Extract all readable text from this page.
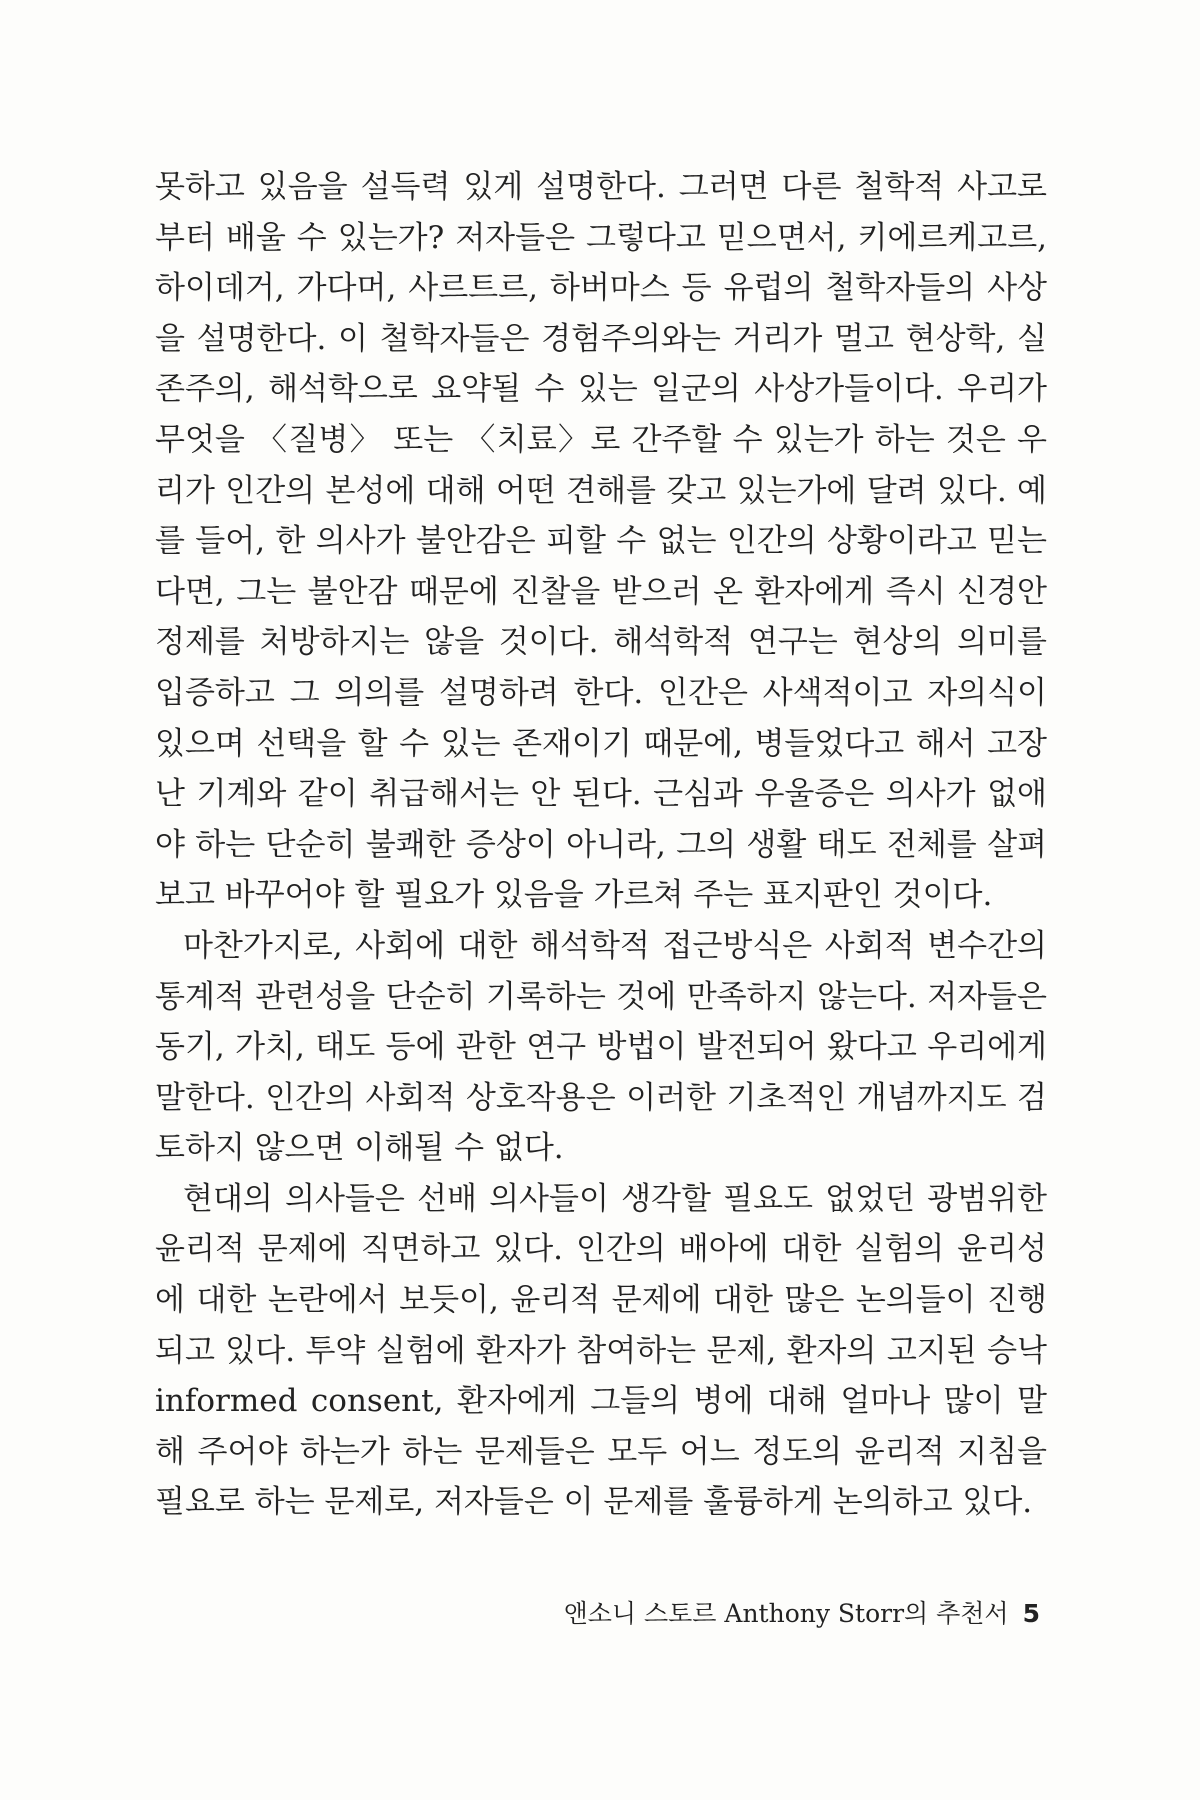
못하고 있음을 설득력 있게 설명한다. 그러면 다른 철학적 사고로부터 배울 수 있는가? 저자들은 그렇다고 믿으면서, 키에르케고르, 하이데거, 가다머, 사르트르, 하버마스 등 유럽의 철학자들의 사상을 설명한다. 이 철학자들은 경험주의와는 거리가 멀고 현상학, 실존주의, 해석학으로 요약될 수 있는 일군의 사상가들이다. 우리가 무엇을 〈질병〉 또는 〈치료〉로 간주할 수 있는가 하는 것은 우리가 인간의 본성에 대해 어떤 견해를 갖고 있는가에 달려 있다. 예를 들어, 한 의사가 불안감은 피할 수 없는 인간의 상황이라고 믿는다면, 그는 불안감 때문에 진찰을 받으러 온 환자에게 즉시 신경안정제를 처방하지는 않을 것이다. 해석학적 연구는 현상의 의미를 입증하고 그 의의를 설명하려 한다. 인간은 사색적이고 자의식이 있으며 선택을 할 수 있는 존재이기 때문에, 병들었다고 해서 고장난 기계와 같이 취급해서는 안 된다. 근심과 우울증은 의사가 없애야 하는 단순히 불쾌한 증상이 아니라, 그의 생활 태도 전체를 살펴보고 바꾸어야 할 필요가 있음을 가르쳐 주는 표지판인 것이다.

마찬가지로, 사회에 대한 해석학적 접근방식은 사회적 변수간의 통계적 관련성을 단순히 기록하는 것에 만족하지 않는다. 저자들은 동기, 가치, 태도 등에 관한 연구 방법이 발전되어 왔다고 우리에게 말한다. 인간의 사회적 상호작용은 이러한 기초적인 개념까지도 검토하지 않으면 이해될 수 없다.

현대의 의사들은 선배 의사들이 생각할 필요도 없었던 광범위한 윤리적 문제에 직면하고 있다. 인간의 배아에 대한 실험의 윤리성에 대한 논란에서 보듯이, 윤리적 문제에 대한 많은 논의들이 진행되고 있다. 투약 실험에 환자가 참여하는 문제, 환자의 고지된 승낙informed consent, 환자에게 그들의 병에 대해 얼마나 많이 말해 주어야 하는가 하는 문제들은 모두 어느 정도의 윤리적 지침을 필요로 하는 문제로, 저자들은 이 문제를 훌륭하게 논의하고 있다.

앤소니 스토르 Anthony Storr의 추천서 5
